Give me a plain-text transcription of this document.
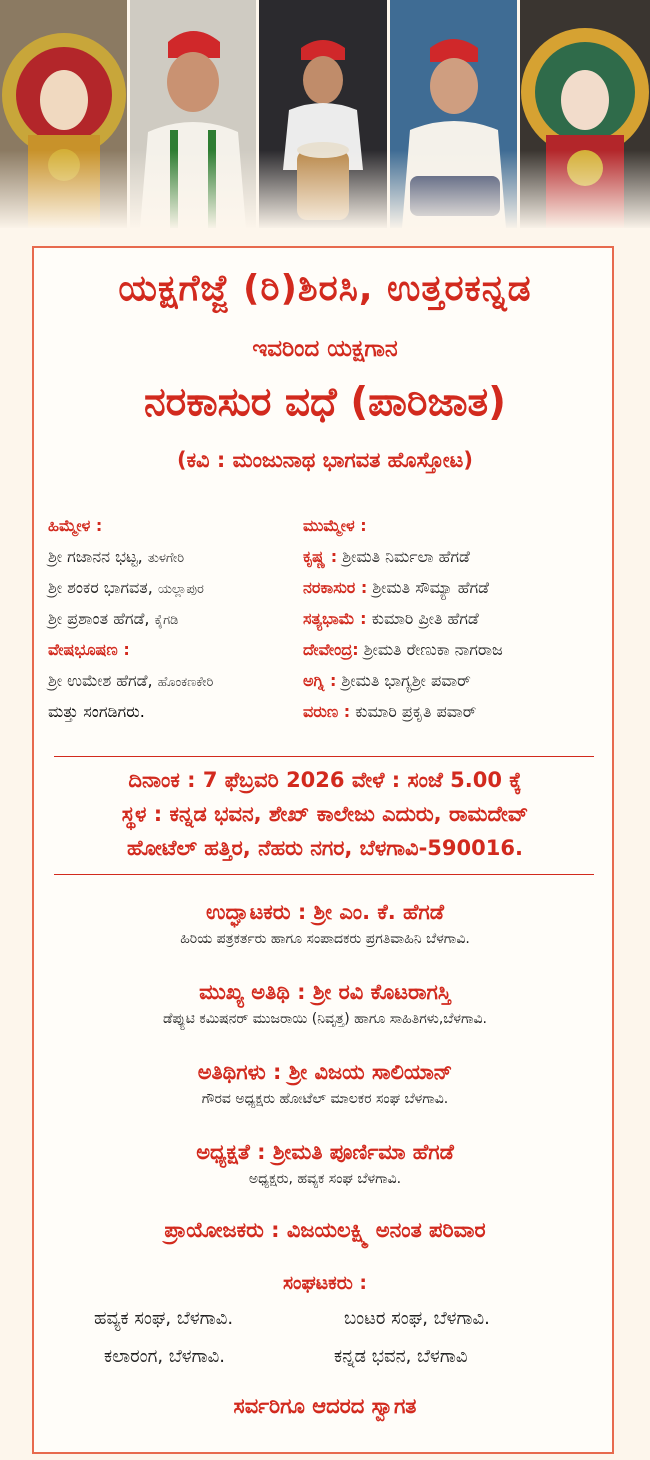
ಯಕ್ಷಗೆಜ್ಜೆ (ರಿ)ಶಿರಸಿ, ಉತ್ತರಕನ್ನಡ
ಇವರಿಂದ ಯಕ್ಷಗಾನ
ನರಕಾಸುರ ವಧೆ (ಪಾರಿಜಾತ)
(ಕವಿ : ಮಂಜುನಾಥ ಭಾಗವತ ಹೊಸ್ತೋಟ)
ಹಿಮ್ಮೇಳ :
ಶ್ರೀ ಗಜಾನನ ಭಟ್ಟ, ತುಳಗೇರಿ
ಶ್ರೀ ಶಂಕರ ಭಾಗವತ, ಯಲ್ಲಾಪುರ
ಶ್ರೀ ಪ್ರಶಾಂತ ಹೆಗಡೆ, ಕೈಗಡಿ
ವೇಷಭೂಷಣ :
ಶ್ರೀ ಉಮೇಶ ಹೆಗಡೆ, ಹೊಂಕಣಕೇರಿ
ಮತ್ತು ಸಂಗಡಿಗರು.
ಮುಮ್ಮೇಳ :
ಕೃಷ್ಣ : ಶ್ರೀಮತಿ ನಿರ್ಮಲಾ ಹೆಗಡೆ
ನರಕಾಸುರ : ಶ್ರೀಮತಿ ಸೌಮ್ಯಾ ಹೆಗಡೆ
ಸತ್ಯಭಾಮೆ : ಕುಮಾರಿ ಪ್ರೀತಿ ಹೆಗಡೆ
ದೇವೇಂದ್ರ: ಶ್ರೀಮತಿ ರೇಣುಕಾ ನಾಗರಾಜ
ಅಗ್ನಿ : ಶ್ರೀಮತಿ ಭಾಗ್ಯಶ್ರೀ ಪವಾರ್
ವರುಣ : ಕುಮಾರಿ ಪ್ರಕೃತಿ ಪವಾರ್
ದಿನಾಂಕ : 7 ಫೆಬ್ರವರಿ 2026 ವೇಳೆ : ಸಂಜೆ 5.00 ಕ್ಕೆ
ಸ್ಥಳ : ಕನ್ನಡ ಭವನ, ಶೇಖ್ ಕಾಲೇಜು ಎದುರು, ರಾಮದೇವ್
ಹೋಟೆಲ್ ಹತ್ತಿರ, ನೆಹರು ನಗರ, ಬೆಳಗಾವಿ-590016.
ಉದ್ಘಾಟಕರು : ಶ್ರೀ ಎಂ. ಕೆ. ಹೆಗಡೆ
ಹಿರಿಯ ಪತ್ರಕರ್ತರು ಹಾಗೂ ಸಂಪಾದಕರು ಪ್ರಗತಿವಾಹಿನಿ ಬೆಳಗಾವಿ.
ಮುಖ್ಯ ಅತಿಥಿ : ಶ್ರೀ ರವಿ ಕೊಟರಾಗಸ್ತಿ
ಡೆಪ್ಯುಟಿ ಕಮಿಷನರ್ ಮುಜರಾಯಿ (ನಿವೃತ್ತ) ಹಾಗೂ ಸಾಹಿತಿಗಳು,ಬೆಳಗಾವಿ.
ಅತಿಥಿಗಳು : ಶ್ರೀ ವಿಜಯ ಸಾಲಿಯಾನ್
ಗೌರವ ಅಧ್ಯಕ್ಷರು ಹೋಟೆಲ್ ಮಾಲಕರ ಸಂಘ ಬೆಳಗಾವಿ.
ಅಧ್ಯಕ್ಷತೆ : ಶ್ರೀಮತಿ ಪೂರ್ಣಿಮಾ ಹೆಗಡೆ
ಅಧ್ಯಕ್ಷರು, ಹವ್ಯಕ ಸಂಘ ಬೆಳಗಾವಿ.
ಪ್ರಾಯೋಜಕರು : ವಿಜಯಲಕ್ಷ್ಮಿ ಅನಂತ ಪರಿವಾರ
ಸಂಘಟಕರು :
ಹವ್ಯಕ ಸಂಘ, ಬೆಳಗಾವಿ.	ಬಂಟರ ಸಂಘ, ಬೆಳಗಾವಿ.
ಕಲಾರಂಗ, ಬೆಳಗಾವಿ.	ಕನ್ನಡ ಭವನ, ಬೆಳಗಾವಿ
ಸರ್ವರಿಗೂ ಆದರದ ಸ್ವಾಗತ
